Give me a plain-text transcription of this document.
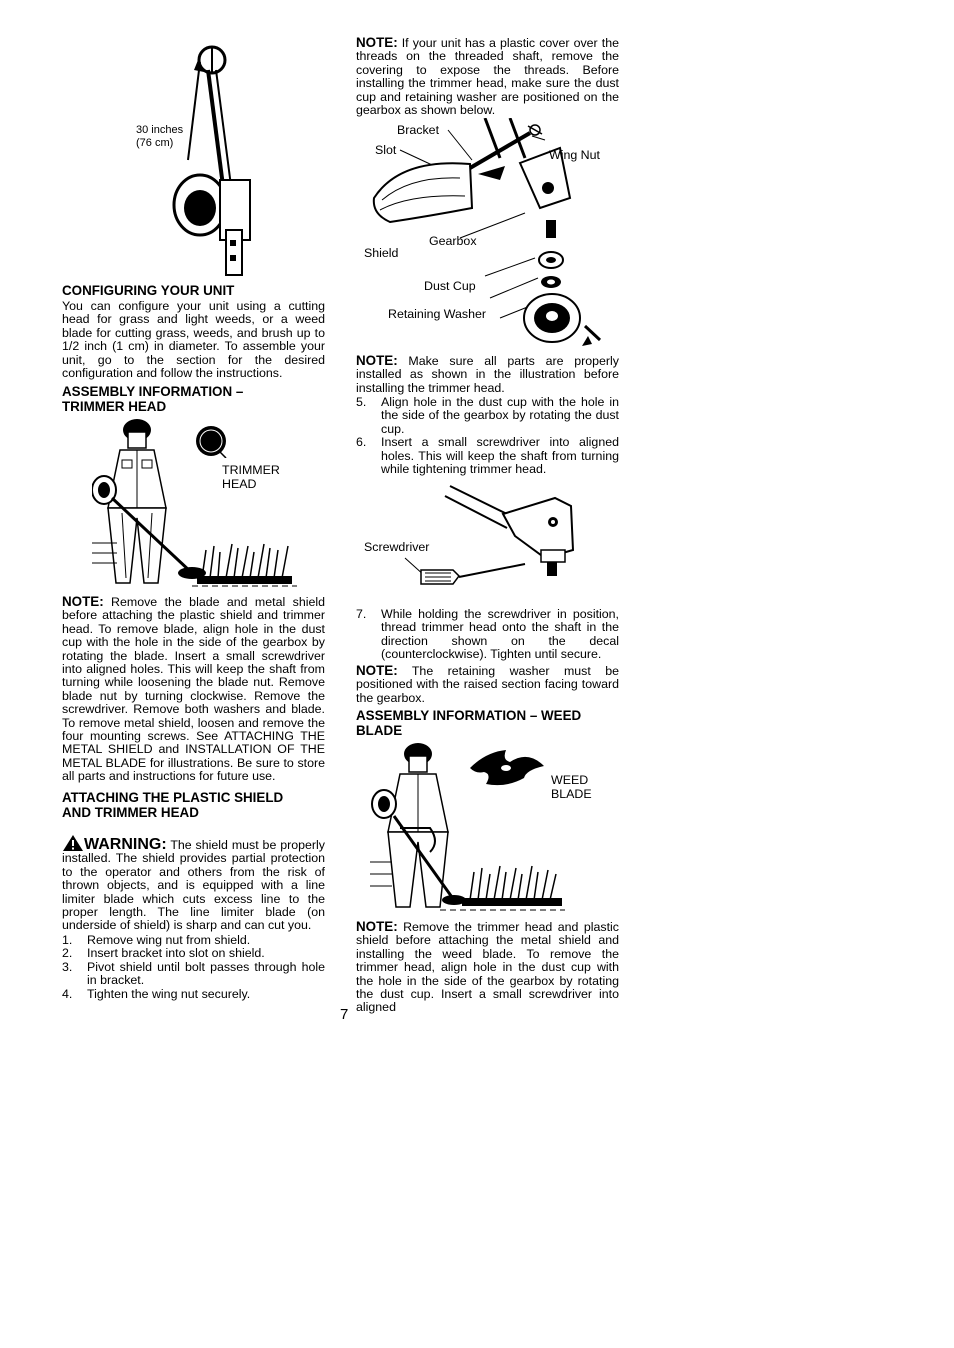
30 inches
(76 cm)
CONFIGURING YOUR UNIT

You can configure your unit using a cutting head for grass and light weeds, or a weed blade for cutting grass, weeds, and brush up to 1/2 inch (1 cm) in diameter. To assemble your unit, go to the section for the desired configuration and follow the instructions.

ASSEMBLY INFORMATION –
TRIMMER HEAD
TRIMMER
HEAD

NOTE: Remove the blade and metal shield before attaching the plastic shield and trimmer head. To remove blade, align hole in the dust cup with the hole in the side of the gearbox by rotating the blade. Insert a small screwdriver into aligned holes. This will keep the shaft from turning while loosening the blade nut. Remove blade nut by turning clockwise. Remove the screwdriver. Remove both washers and blade. To remove metal shield, loosen and remove the four mounting screws. See ATTACHING THE METAL SHIELD and INSTALLATION OF THE METAL BLADE for illustrations. Be sure to store all parts and instructions for future use.

ATTACHING THE PLASTIC SHIELD
AND TRIMMER HEAD

WARNING: The shield must be properly installed. The shield provides partial protection to the operator and others from the risk of thrown objects, and is equipped with a line limiter blade which cuts excess line to the proper length. The line limiter blade (on underside of shield) is sharp and can cut you.

1. Remove wing nut from shield.
2. Insert bracket into slot on shield.
3. Pivot shield until bolt passes through hole in bracket.
4. Tighten the wing nut securely.

NOTE: If your unit has a plastic cover over the threads on the threaded shaft, remove the covering to expose the threads. Before installing the trimmer head, make sure the dust cup and retaining washer are positioned on the gearbox as shown below.

Bracket
Slot	Wing Nut
Gearbox
Shield
Dust Cup
Retaining Washer

NOTE: Make sure all parts are properly installed as shown in the illustration before installing the trimmer head.

5. Align hole in the dust cup with the hole in the side of the gearbox by rotating the dust cup.
6. Insert a small screwdriver into aligned holes. This will keep the shaft from turning while tightening trimmer head.
Screwdriver
7. While holding the screwdriver in position, thread trimmer head onto the shaft in the direction shown on the decal (counterclockwise). Tighten until secure.

NOTE: The retaining washer must be positioned with the raised section facing toward the gearbox.

ASSEMBLY INFORMATION – WEED
BLADE
WEED
BLADE

NOTE: Remove the trimmer head and plastic shield before attaching the metal shield and installing the weed blade. To remove the trimmer head, align hole in the dust cup with the hole in the side of the gearbox by rotating the dust cup. Insert a small screwdriver into aligned

7
